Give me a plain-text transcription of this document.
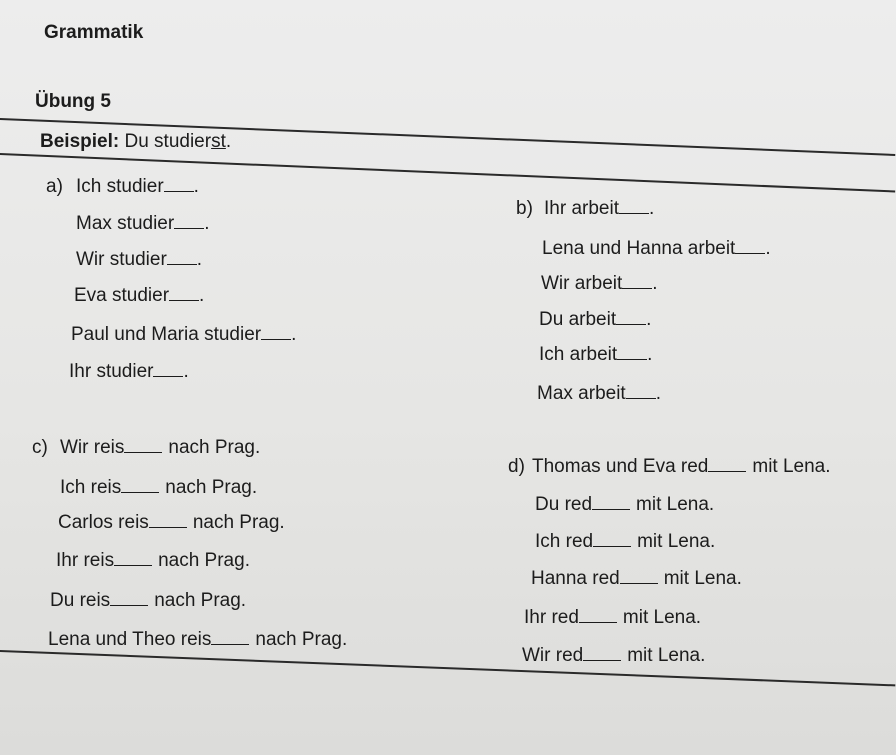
Grammatik
Übung 5
Beispiel: Du studierst.
a) Ich studier .
Max studier .
Wir studier .
Eva studier .
Paul und Maria studier .
Ihr studier .
b) Ihr arbeit .
Lena und Hanna arbeit .
Wir arbeit .
Du arbeit .
Ich arbeit .
Max arbeit .
c) Wir reis nach Prag.
Ich reis nach Prag.
Carlos reis nach Prag.
Ihr reis nach Prag.
Du reis nach Prag.
Lena und Theo reis nach Prag.
d) Thomas und Eva red mit Lena.
Du red mit Lena.
Ich red mit Lena.
Hanna red mit Lena.
Ihr red mit Lena.
Wir red mit Lena.
